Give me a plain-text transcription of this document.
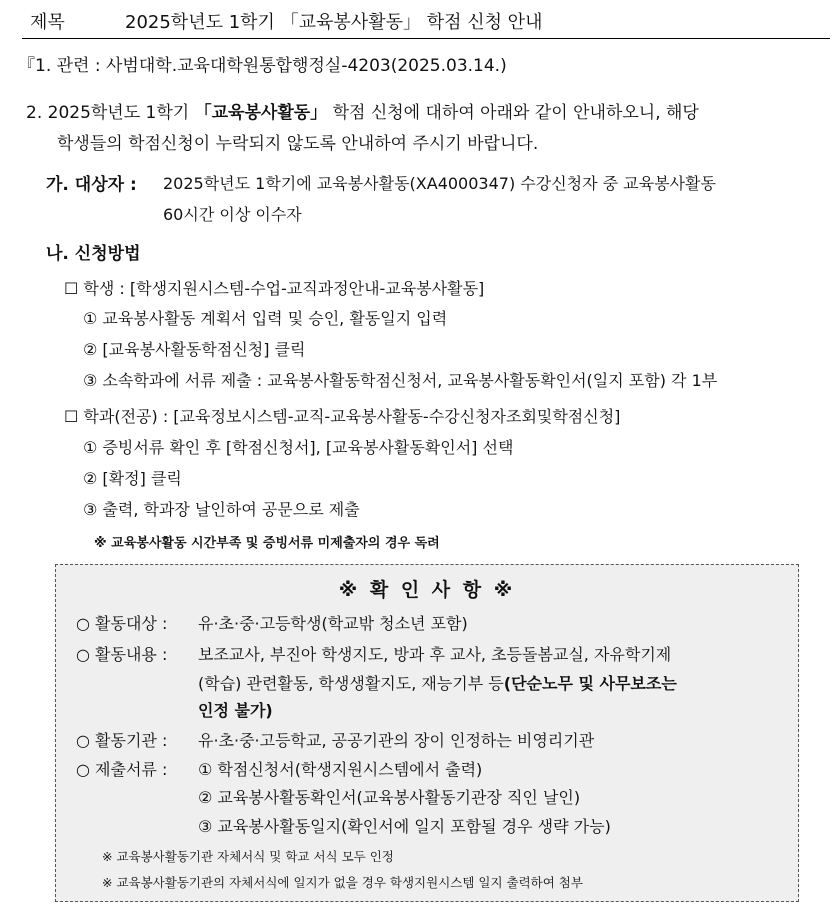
제목	2025학년도 1학기 「교육봉사활동」 학점 신청 안내
『1. 관련 : 사범대학.교육대학원통합행정실-4203(2025.03.14.)
2. 2025학년도 1학기 「교육봉사활동」 학점 신청에 대하여 아래와 같이 안내하오니, 해당
학생들의 학점신청이 누락되지 않도록 안내하여 주시기 바랍니다.
가. 대상자 : 2025학년도 1학기에 교육봉사활동(XA4000347) 수강신청자 중 교육봉사활동
60시간 이상 이수자
나. 신청방법
☐ 학생 : [학생지원시스템-수업-교직과정안내-교육봉사활동]
① 교육봉사활동 계획서 입력 및 승인, 활동일지 입력
② [교육봉사활동학점신청] 클릭
③ 소속학과에 서류 제출 : 교육봉사활동학점신청서, 교육봉사활동확인서(일지 포함) 각 1부
☐ 학과(전공) : [교육정보시스템-교직-교육봉사활동-수강신청자조회및학점신청]
① 증빙서류 확인 후 [학점신청서], [교육봉사활동확인서] 선택
② [확정] 클릭
③ 출력, 학과장 날인하여 공문으로 제출
※ 교육봉사활동 시간부족 및 증빙서류 미제출자의 경우 독려
※ 확 인 사 항 ※
○ 활동대상 : 유·초·중·고등학생(학교밖 청소년 포함)
○ 활동내용 : 보조교사, 부진아 학생지도, 방과 후 교사, 초등돌봄교실, 자유학기제
(학습) 관련활동, 학생생활지도, 재능기부 등(단순노무 및 사무보조는
인정 불가)
○ 활동기관 : 유·초·중·고등학교, 공공기관의 장이 인정하는 비영리기관
○ 제출서류 : ① 학점신청서(학생지원시스템에서 출력)
② 교육봉사활동확인서(교육봉사활동기관장 직인 날인)
③ 교육봉사활동일지(확인서에 일지 포함될 경우 생략 가능)
※ 교육봉사활동기관 자체서식 및 학교 서식 모두 인정
※ 교육봉사활동기관의 자체서식에 일지가 없을 경우 학생지원시스템 일지 출력하여 첨부
